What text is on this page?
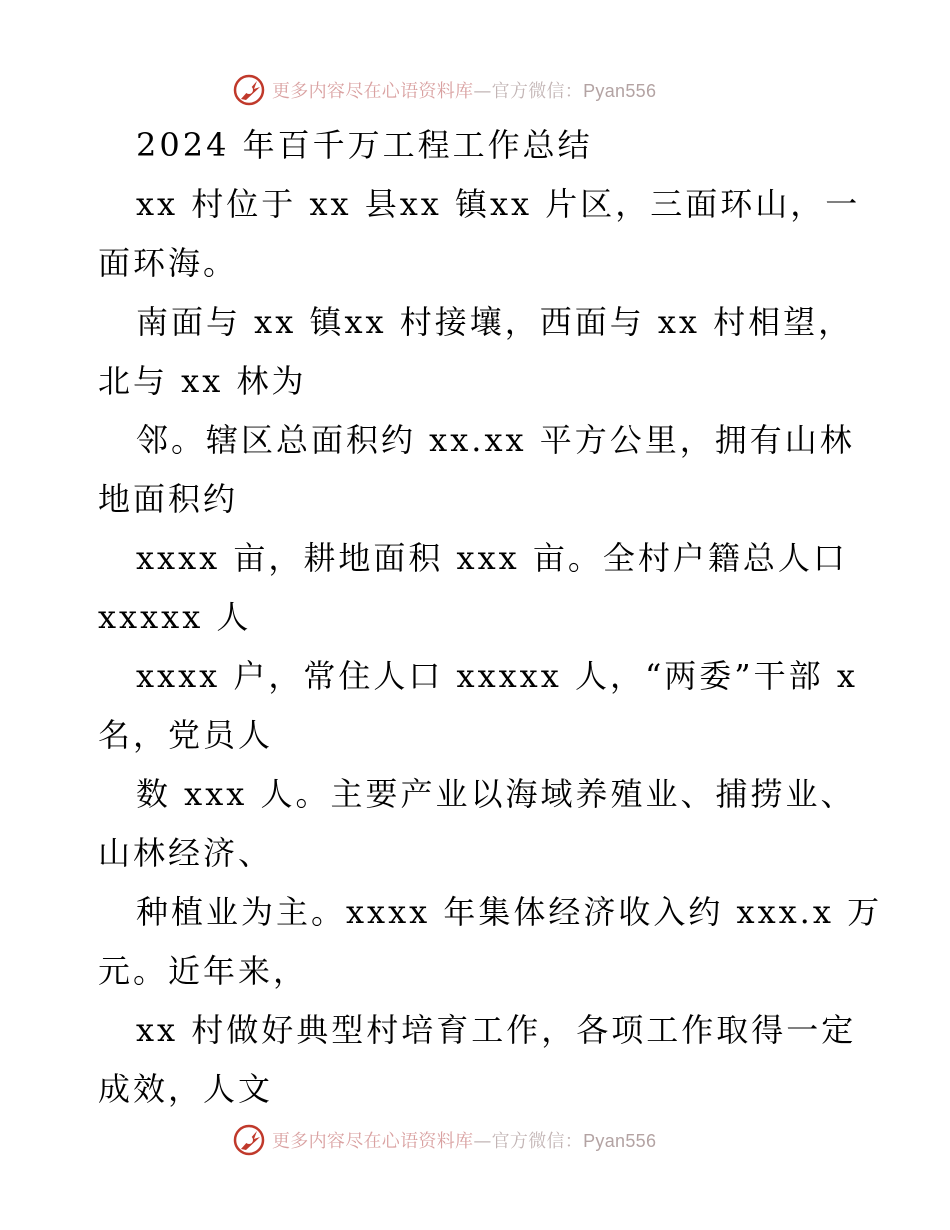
更多内容尽在心语资料库—官方微信：Pyan556
2024 年百千万工程工作总结
xx 村位于 xx 县xx 镇xx 片区，三面环山，一
面环海。
南面与 xx 镇xx 村接壤，西面与 xx 村相望，
北与 xx 林为
邻。辖区总面积约 xx.xx 平方公里，拥有山林
地面积约
xxxx 亩，耕地面积 xxx 亩。全村户籍总人口
xxxxx 人
xxxx 户，常住人口 xxxxx 人，“两委”干部 x
名，党员人
数 xxx 人。主要产业以海域养殖业、捕捞业、
山林经济、
种植业为主。xxxx 年集体经济收入约 xxx.x 万
元。近年来，
xx 村做好典型村培育工作，各项工作取得一定
成效，人文
更多内容尽在心语资料库—官方微信：Pyan556
